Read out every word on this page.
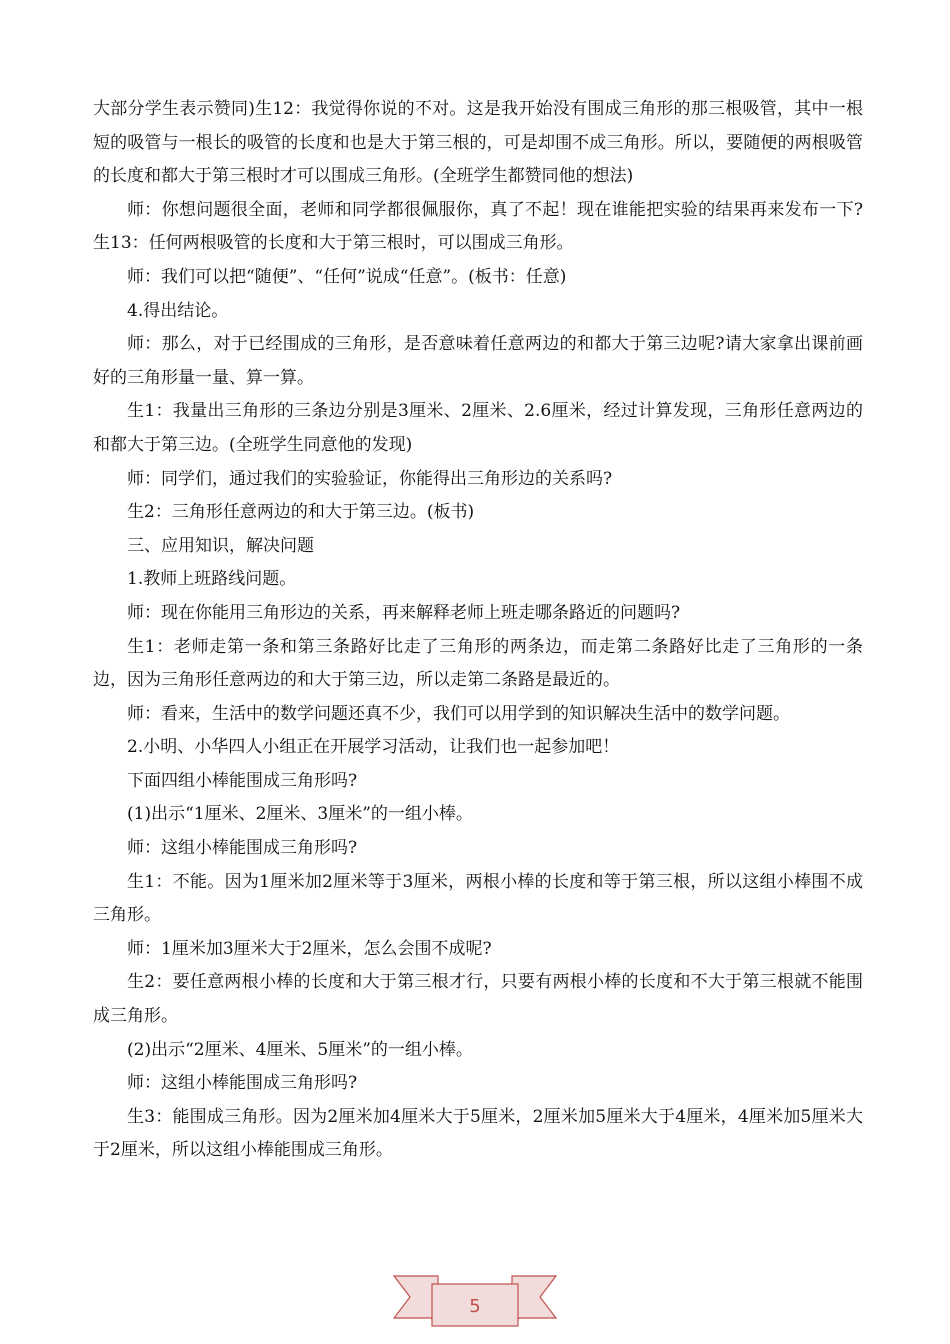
大部分学生表示赞同)生12：我觉得你说的不对。这是我开始没有围成三角形的那三根吸管，其中一根短的吸管与一根长的吸管的长度和也是大于第三根的，可是却围不成三角形。所以，要随便的两根吸管的长度和都大于第三根时才可以围成三角形。(全班学生都赞同他的想法)

师：你想问题很全面，老师和同学都很佩服你，真了不起！现在谁能把实验的结果再来发布一下?生13：任何两根吸管的长度和大于第三根时，可以围成三角形。

师：我们可以把“随便”、“任何”说成“任意”。(板书：任意)

4.得出结论。

师：那么，对于已经围成的三角形，是否意味着任意两边的和都大于第三边呢?请大家拿出课前画好的三角形量一量、算一算。

生1：我量出三角形的三条边分别是3厘米、2厘米、2.6厘米，经过计算发现，三角形任意两边的和都大于第三边。(全班学生同意他的发现)

师：同学们，通过我们的实验验证，你能得出三角形边的关系吗?

生2：三角形任意两边的和大于第三边。(板书)

三、应用知识，解决问题

1.教师上班路线问题。

师：现在你能用三角形边的关系，再来解释老师上班走哪条路近的问题吗?

生1：老师走第一条和第三条路好比走了三角形的两条边，而走第二条路好比走了三角形的一条边，因为三角形任意两边的和大于第三边，所以走第二条路是最近的。

师：看来，生活中的数学问题还真不少，我们可以用学到的知识解决生活中的数学问题。

2.小明、小华四人小组正在开展学习活动，让我们也一起参加吧！

下面四组小棒能围成三角形吗?

(1)出示“1厘米、2厘米、3厘米”的一组小棒。

师：这组小棒能围成三角形吗?

生1：不能。因为1厘米加2厘米等于3厘米，两根小棒的长度和等于第三根，所以这组小棒围不成三角形。

师：1厘米加3厘米大于2厘米，怎么会围不成呢?

生2：要任意两根小棒的长度和大于第三根才行，只要有两根小棒的长度和不大于第三根就不能围成三角形。

(2)出示“2厘米、4厘米、5厘米”的一组小棒。

师：这组小棒能围成三角形吗?

生3：能围成三角形。因为2厘米加4厘米大于5厘米，2厘米加5厘米大于4厘米，4厘米加5厘米大于2厘米，所以这组小棒能围成三角形。

5
